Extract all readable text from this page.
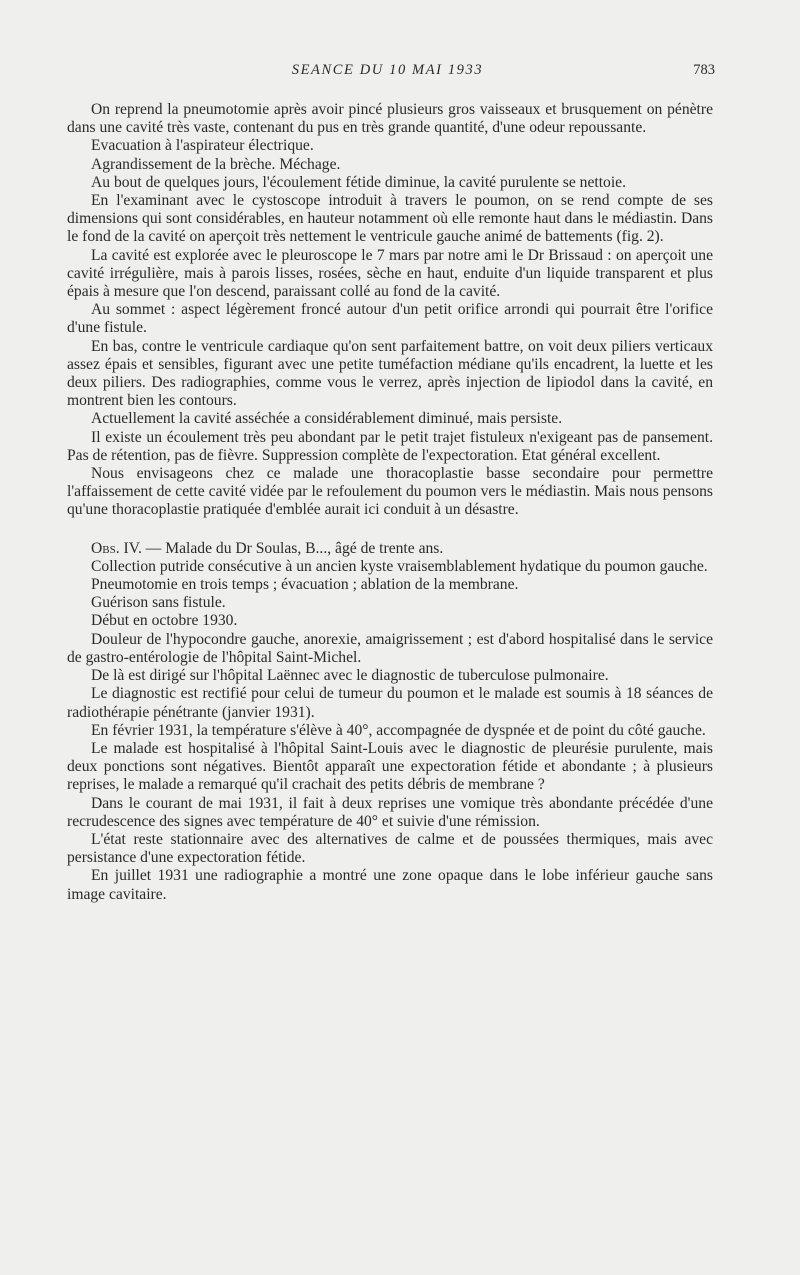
SEANCE DU 10 MAI 1933	783

On reprend la pneumotomie après avoir pincé plusieurs gros vaisseaux et brusquement on pénètre dans une cavité très vaste, contenant du pus en très grande quantité, d'une odeur repoussante.

Evacuation à l'aspirateur électrique.

Agrandissement de la brèche. Méchage.

Au bout de quelques jours, l'écoulement fétide diminue, la cavité purulente se nettoie.

En l'examinant avec le cystoscope introduit à travers le poumon, on se rend compte de ses dimensions qui sont considérables, en hauteur notamment où elle remonte haut dans le médiastin. Dans le fond de la cavité on aperçoit très nettement le ventricule gauche animé de battements (fig. 2).

La cavité est explorée avec le pleuroscope le 7 mars par notre ami le Dr Brissaud : on aperçoit une cavité irrégulière, mais à parois lisses, rosées, sèche en haut, enduite d'un liquide transparent et plus épais à mesure que l'on descend, paraissant collé au fond de la cavité.

Au sommet : aspect légèrement froncé autour d'un petit orifice arrondi qui pourrait être l'orifice d'une fistule.

En bas, contre le ventricule cardiaque qu'on sent parfaitement battre, on voit deux piliers verticaux assez épais et sensibles, figurant avec une petite tuméfaction médiane qu'ils encadrent, la luette et les deux piliers. Des radiographies, comme vous le verrez, après injection de lipiodol dans la cavité, en montrent bien les contours.

Actuellement la cavité asséchée a considérablement diminué, mais persiste.

Il existe un écoulement très peu abondant par le petit trajet fistuleux n'exigeant pas de pansement. Pas de rétention, pas de fièvre. Suppression complète de l'expectoration. Etat général excellent.

Nous envisageons chez ce malade une thoracoplastie basse secondaire pour permettre l'affaissement de cette cavité vidée par le refoulement du poumon vers le médiastin. Mais nous pensons qu'une thoracoplastie pratiquée d'emblée aurait ici conduit à un désastre.

Obs. IV. — Malade du Dr Soulas, B..., âgé de trente ans.

Collection putride consécutive à un ancien kyste vraisemblablement hydatique du poumon gauche.

Pneumotomie en trois temps ; évacuation ; ablation de la membrane.

Guérison sans fistule.

Début en octobre 1930.

Douleur de l'hypocondre gauche, anorexie, amaigrissement ; est d'abord hospitalisé dans le service de gastro-entérologie de l'hôpital Saint-Michel.

De là est dirigé sur l'hôpital Laënnec avec le diagnostic de tuberculose pulmonaire.

Le diagnostic est rectifié pour celui de tumeur du poumon et le malade est soumis à 18 séances de radiothérapie pénétrante (janvier 1931).

En février 1931, la température s'élève à 40°, accompagnée de dyspnée et de point du côté gauche.

Le malade est hospitalisé à l'hôpital Saint-Louis avec le diagnostic de pleurésie purulente, mais deux ponctions sont négatives. Bientôt apparaît une expectoration fétide et abondante ; à plusieurs reprises, le malade a remarqué qu'il crachait des petits débris de membrane ?

Dans le courant de mai 1931, il fait à deux reprises une vomique très abondante précédée d'une recrudescence des signes avec température de 40° et suivie d'une rémission.

L'état reste stationnaire avec des alternatives de calme et de poussées thermiques, mais avec persistance d'une expectoration fétide.

En juillet 1931 une radiographie a montré une zone opaque dans le lobe inférieur gauche sans image cavitaire.
